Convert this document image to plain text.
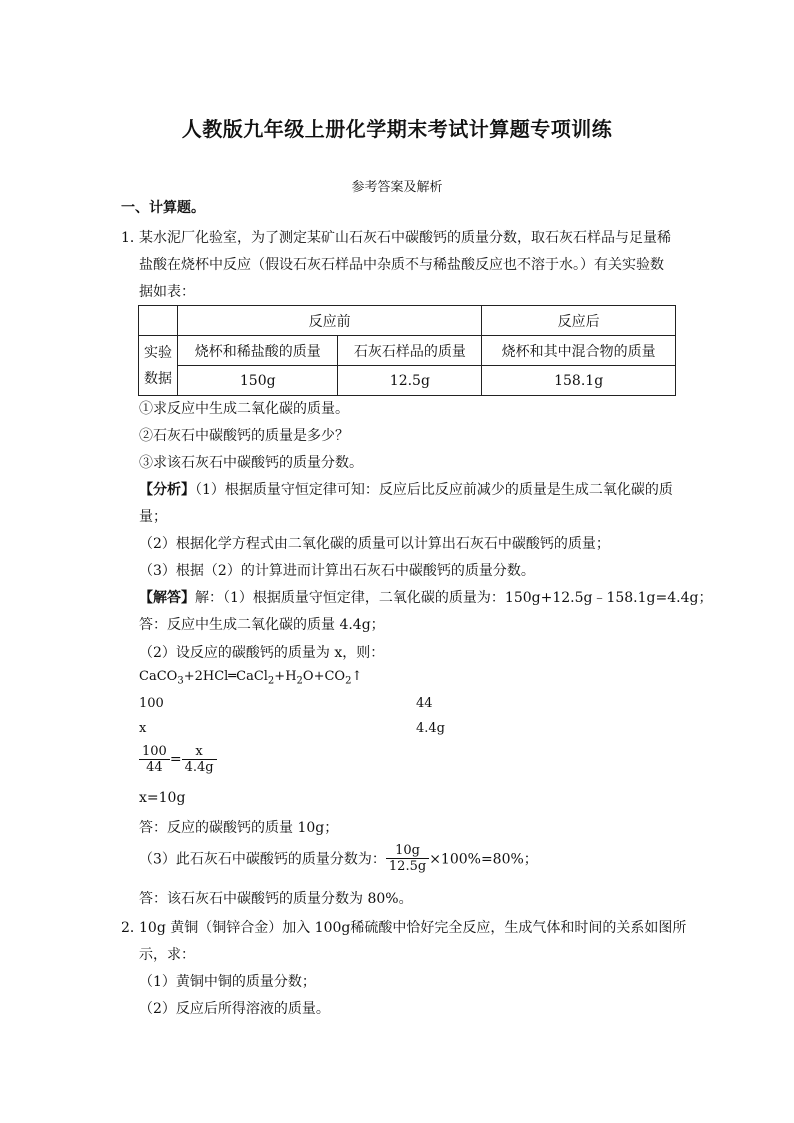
人教版九年级上册化学期末考试计算题专项训练
参考答案及解析
一、计算题。
1．
某水泥厂化验室，为了测定某矿山石灰石中碳酸钙的质量分数，取石灰石样品与足量稀
盐酸在烧杯中反应（假设石灰石样品中杂质不与稀盐酸反应也不溶于水。）有关实验数
据如表：
	反应前		反应后
实验
数据	烧杯和稀盐酸的质量	石灰石样品的质量	烧杯和其中混合物的质量
	150g	12.5g	158.1g
①求反应中生成二氧化碳的质量。
②石灰石中碳酸钙的质量是多少？
③求该石灰石中碳酸钙的质量分数。
【分析】（1）根据质量守恒定律可知：反应后比反应前减少的质量是生成二氧化碳的质
量；
（2）根据化学方程式由二氧化碳的质量可以计算出石灰石中碳酸钙的质量；
（3）根据（2）的计算进而计算出石灰石中碳酸钙的质量分数。
【解答】解：（1）根据质量守恒定律，二氧化碳的质量为：150g+12.5g﹣158.1g=4.4g；
答：反应中生成二氧化碳的质量 4.4g；
（2）设反应的碳酸钙的质量为 x，则：
$CaCO_3+2HCl═CaCl_2+H_2O+CO_2↑$
100	44
x	4.4g
$\frac{100}{44} = \frac{x}{4.4g}$
x=10g
答：反应的碳酸钙的质量 10g；
（3）此石灰石中碳酸钙的质量分数为： $\frac{10g}{12.5g} \times 100\%=80\%$；
答：该石灰石中碳酸钙的质量分数为 80%。
2．
10g 黄铜（铜锌合金）加入 100g稀硫酸中恰好完全反应，生成气体和时间的关系如图所
示，求：
（1）黄铜中铜的质量分数；
（2）反应后所得溶液的质量。
